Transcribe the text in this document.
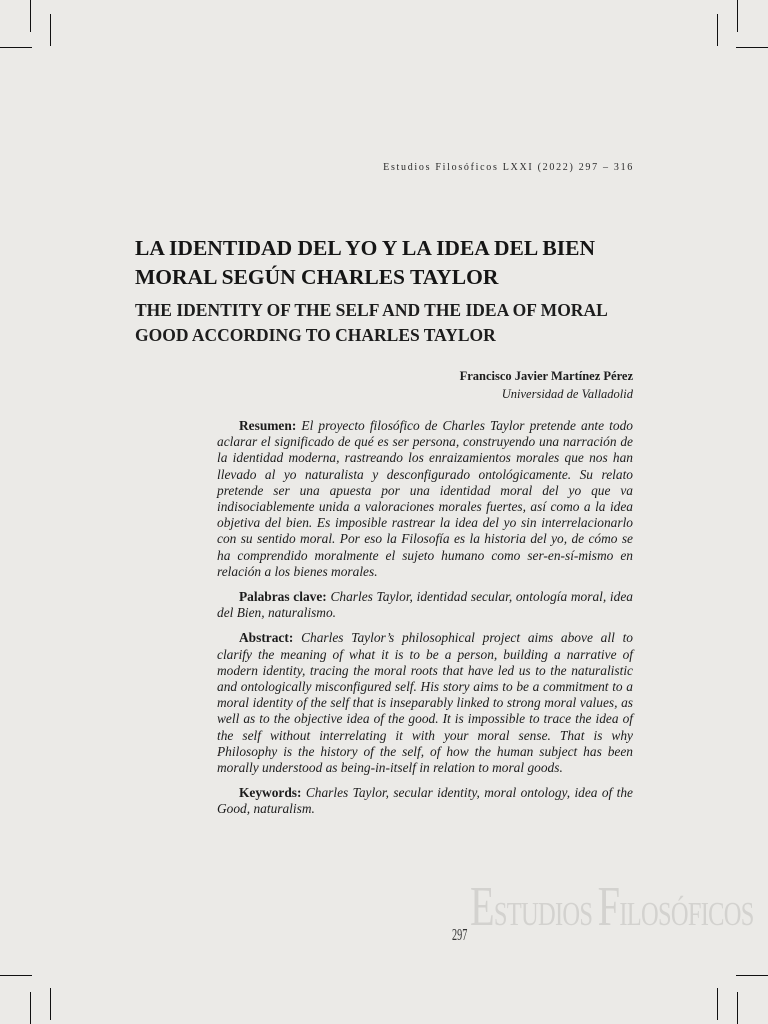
Estudios Filosóficos LXXI (2022) 297 – 316
LA IDENTIDAD DEL YO Y LA IDEA DEL BIEN
MORAL SEGÚN CHARLES TAYLOR
THE IDENTITY OF THE SELF AND THE IDEA OF MORAL
GOOD ACCORDING TO CHARLES TAYLOR
Francisco Javier Martínez Pérez
Universidad de Valladolid

Resumen: El proyecto filosófico de Charles Taylor pretende ante todo aclarar el significado de qué es ser persona, construyendo una narración de la identidad moderna, rastreando los enraizamientos morales que nos han llevado al yo naturalista y desconfigurado ontológicamente. Su relato pretende ser una apuesta por una identidad moral del yo que va indisociablemente unida a valoraciones morales fuertes, así como a la idea objetiva del bien. Es imposible rastrear la idea del yo sin interrelacionarlo con su sentido moral. Por eso la Filosofía es la historia del yo, de cómo se ha comprendido moralmente el sujeto humano como ser-en-sí-mismo en relación a los bienes morales.

Palabras clave: Charles Taylor, identidad secular, ontología moral, idea del Bien, naturalismo.

Abstract: Charles Taylor’s philosophical project aims above all to clarify the meaning of what it is to be a person, building a narrative of modern identity, tracing the moral roots that have led us to the naturalistic and ontologically misconfigured self. His story aims to be a commitment to a moral identity of the self that is inseparably linked to strong moral values, as well as to the objective idea of the good. It is impossible to trace the idea of the self without interrelating it with your moral sense. That is why Philosophy is the history of the self, of how the human subject has been morally understood as being-in-itself in relation to moral goods.

Keywords: Charles Taylor, secular identity, moral ontology, idea of the Good, naturalism.

ESTUDIOS FILOSÓFICOS
297
